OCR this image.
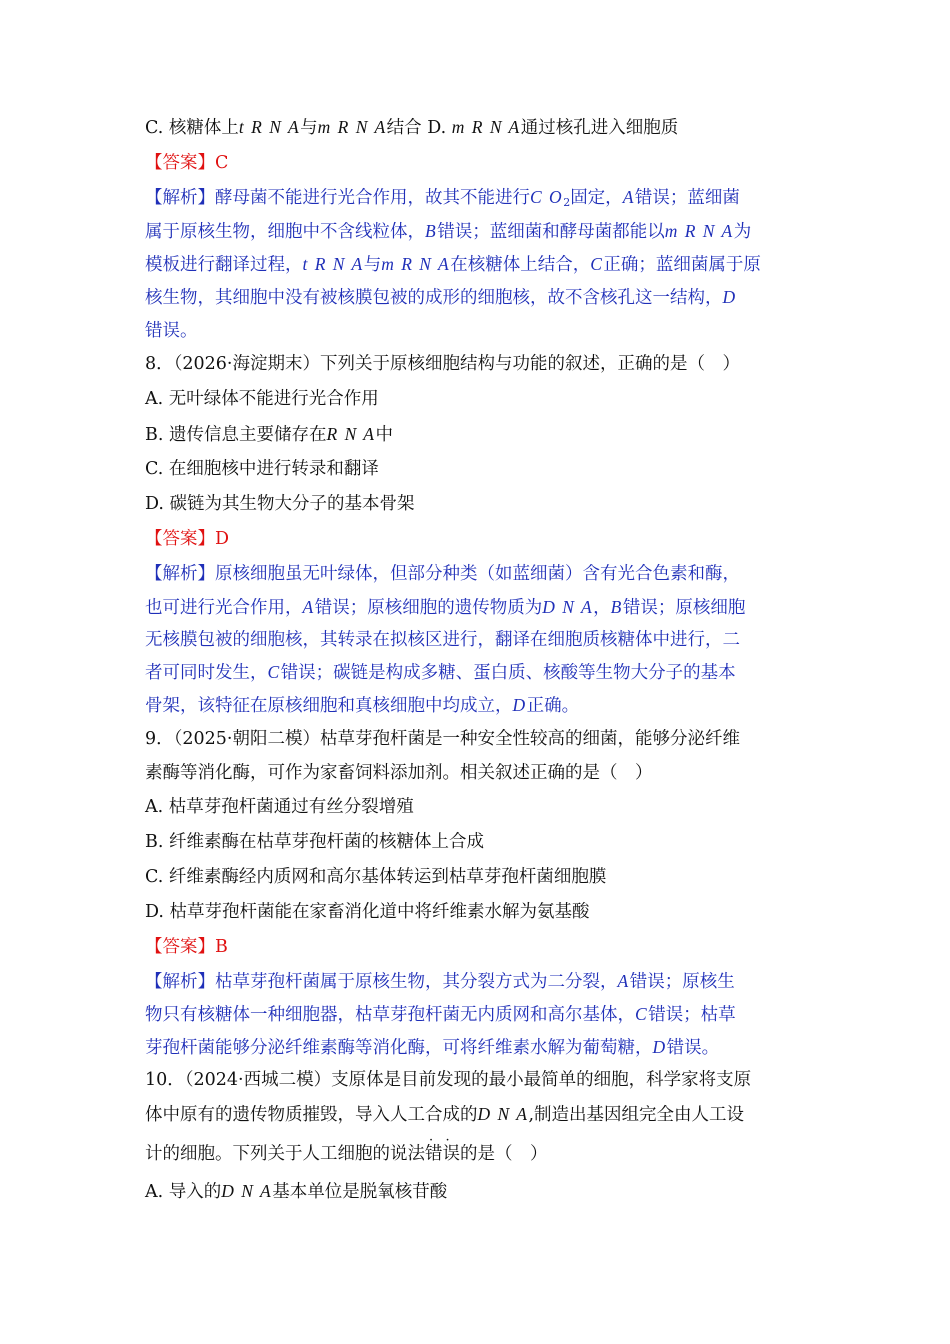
C. 核糖体上t R N A与m R N A结合 D. m R N A通过核孔进入细胞质
【答案】C
【解析】酵母菌不能进行光合作用，故其不能进行C $O_2$固定，A错误；蓝细菌
属于原核生物，细胞中不含线粒体，B错误；蓝细菌和酵母菌都能以m R N A为
模板进行翻译过程，t R N A与m R N A在核糖体上结合，C正确；蓝细菌属于原
核生物，其细胞中没有被核膜包被的成形的细胞核，故不含核孔这一结构，D
错误。
8．（2026·海淀期末）下列关于原核细胞结构与功能的叙述，正确的是（　）
A. 无叶绿体不能进行光合作用
B. 遗传信息主要储存在R N A中
C. 在细胞核中进行转录和翻译
D. 碳链为其生物大分子的基本骨架
【答案】D
【解析】原核细胞虽无叶绿体，但部分种类（如蓝细菌）含有光合色素和酶，
也可进行光合作用，A错误；原核细胞的遗传物质为D N A，B错误；原核细胞
无核膜包被的细胞核，其转录在拟核区进行，翻译在细胞质核糖体中进行，二
者可同时发生，C错误；碳链是构成多糖、蛋白质、核酸等生物大分子的基本
骨架，该特征在原核细胞和真核细胞中均成立，D正确。
9．（2025·朝阳二模）枯草芽孢杆菌是一种安全性较高的细菌，能够分泌纤维
素酶等消化酶，可作为家畜饲料添加剂。相关叙述正确的是（　）
A. 枯草芽孢杆菌通过有丝分裂增殖
B. 纤维素酶在枯草芽孢杆菌的核糖体上合成
C. 纤维素酶经内质网和高尔基体转运到枯草芽孢杆菌细胞膜
D. 枯草芽孢杆菌能在家畜消化道中将纤维素水解为氨基酸
【答案】B
【解析】枯草芽孢杆菌属于原核生物，其分裂方式为二分裂，A错误；原核生
物只有核糖体一种细胞器，枯草芽孢杆菌无内质网和高尔基体，C错误；枯草
芽孢杆菌能够分泌纤维素酶等消化酶，可将纤维素水解为葡萄糖，D错误。
10．（2024·西城二模）支原体是目前发现的最小最简单的细胞，科学家将支原
体中原有的遗传物质摧毁，导入人工合成的D N A,制造出基因组完全由人工设
计的细胞。下列关于人工细胞的说法· · 错误的是（　）
A. 导入的D N A基本单位是脱氧核苷酸
